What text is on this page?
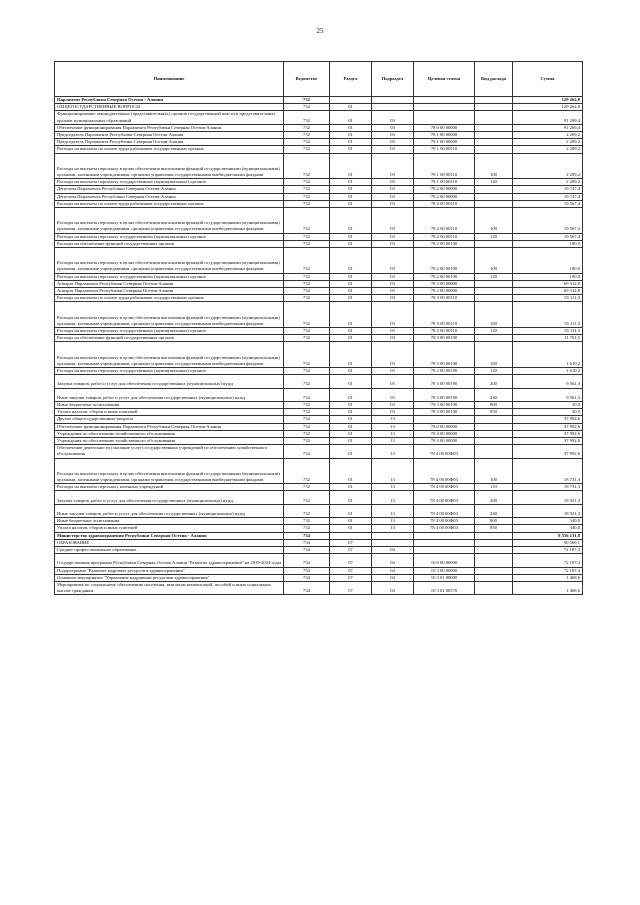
25
Наименование	Ведомство	Раздел	Подраздел	Целевая статья	Вид расхода	Сумма
Парламент Республики Северная Осетия - Алания	732					129 262,0
ОБЩЕГОСУДАРСТВЕННЫЕ ВОПРОСЫ	732	01				129 262,0
Функционирование законодательных (представительных) органов государственной власти и представительных органов муниципальных образований	732	01	03			91 269,4
Обеспечение функционирования Парламента Республики Северная Осетия-Алания	732	01	03	78 0 00 00000		91 269,4
Председатель Парламента Республики Северная Осетия-Алания	732	01	03	78 1 00 00000		2 209,2
Председатель Парламента Республики Северная Осетия-Алания	732	01	03	78 1 00 00000		2 209,2
Расходы на выплаты по оплате труда работников государственных органов	732	01	03	78 1 00 00110		2 209,2
Расходы на выплаты персоналу в целях обеспечения выполнения функций государственными (муниципальными) органами, казенными учреждениями, органами управления государственными внебюджетными фондами	732	01	03	78 1 00 00110	100	2 209,2
Расходы на выплаты персоналу государственных (муниципальных) органов	732	01	03	78 1 00 00110	120	2 209,2
Депутаты Парламента Республики Северная Осетия-Алания	732	01	03	78 2 00 00000		19 747,4
Депутаты Парламента Республики Северная Осетия-Алания	732	01	03	78 2 00 00000		19 747,4
Расходы на выплаты по оплате труда работников государственных органов	732	01	03	78 2 00 00110		19 567,4
Расходы на выплаты персоналу в целях обеспечения выполнения функций государственными (муниципальными) органами, казенными учреждениями, органами управления государственными внебюджетными фондами	732	01	03	78 2 00 00110	100	19 567,4
Расходы на выплаты персоналу государственных (муниципальных) органов	732	01	03	78 2 00 00110	120	19 567,4
Расходы на обеспечение функций государственных органов	732	01	03	78 2 00 00190		180,0
Расходы на выплаты персоналу в целях обеспечения выполнения функций государственными (муниципальными) органами, казенными учреждениями, органами управления государственными внебюджетными фондами	732	01	03	78 2 00 00190	100	180,0
Расходы на выплаты персоналу государственных (муниципальных) органов	732	01	03	78 2 00 00190	120	180,0
Аппарат Парламента Республики Северная Осетия-Алания	732	01	03	78 3 00 00000		69 312,8
Аппарат Парламента Республики Северная Осетия-Алания	732	01	03	78 3 00 00000		69 312,8
Расходы на выплаты по оплате труда работников государственных органов	732	01	03	78 3 00 00110		55 111,3
Расходы на выплаты персоналу в целях обеспечения выполнения функций государственными (муниципальными) органами, казенными учреждениями, органами управления государственными внебюджетными фондами	732	01	03	78 3 00 00110	100	55 111,3
Расходы на выплаты персоналу государственных (муниципальных) органов	732	01	03	78 3 00 00110	120	55 111,3
Расходы на обеспечение функций государственных органов	732	01	03	78 3 00 00190		11 701,5
Расходы на выплаты персоналу в целях обеспечения выполнения функций государственными (муниципальными) органами, казенными учреждениями, органами управления государственными внебюджетными фондами	732	01	03	78 3 00 00190	100	1 610,2
Расходы на выплаты персоналу государственных (муниципальных) органов	732	01	03	78 3 00 00190	120	1 610,2
Закупка товаров, работ и услуг для обеспечения государственных (муниципальных) нужд	732	01	03	78 3 00 00190	200	9 561,3
Иные закупки товаров, работ и услуг для обеспечения государственных (муниципальных) нужд	732	01	03	78 3 00 00190	240	9 561,3
Иные бюджетные ассигнования	732	01	03	78 3 00 00190	800	30,0
Уплата налогов, сборов и иных платежей	732	01	03	78 3 00 00190	850	30,0
Другие общегосударственные вопросы	732	01	13			37 992,6
Обеспечение функционирования Парламента Республики Северная Осетия-Алания	732	01	13	78 0 00 00000		37 992,6
Учреждения по обеспечению хозяйственного обслуживания	732	01	13	78 4 00 00000		37 992,6
Учреждения по обеспечению хозяйственного обслуживания	732	01	13	78 4 00 00000		37 992,6
Обеспечение деятельности (оказание услуг) государственных учреждений по обеспечению хозяйственного обслуживания	732	01	13	78 4 00 00Ф03		37 992,6
Расходы на выплаты персоналу в целях обеспечения выполнения функций государственными (муниципальными) органами, казенными учреждениями, органами управления государственными внебюджетными фондами	732	01	13	78 4 00 00Ф03	100	18 731,3
Расходы на выплаты персоналу казенных учреждений	732	01	13	78 4 00 00Ф03	110	18 731,3
Закупка товаров, работ и услуг для обеспечения государственных (муниципальных) нужд	732	01	13	78 4 00 00Ф03	200	18 921,3
Иные закупки товаров, работ и услуг для обеспечения государственных (муниципальных) нужд	732	01	13	78 4 00 00Ф03	240	18 921,3
Иные бюджетные ассигнования	732	01	13	78 4 00 00Ф03	800	340,0
Уплата налогов, сборов и иных платежей	732	01	13	78 4 00 00Ф03	850	340,0
Министерство здравоохранения Республики Северная Осетия - Алания	734					8 556 131,8
ОБРАЗОВАНИЕ	734	07				90 569,1
Среднее профессиональное образование	734	07	04			72 187,4
Государственная программа Республики Северная Осетия-Алания "Развитие здравоохранения" на 2019-2024 годы	734	07	04	10 0 00 00000		72 187,4
Подпрограмма "Развитие кадровых ресурсов в здравоохранении"	734	07	04	10 3 00 00000		72 187,4
Основное мероприятие "Управление кадровыми ресурсами здравоохранения"	734	07	04	10 3 01 00000		1 468,6
Мероприятия по социальному обеспечению населения, выплатам компенсаций, пособий и иных социальных выплат гражданам	734	07	04	10 3 01 00570		1 468,6
